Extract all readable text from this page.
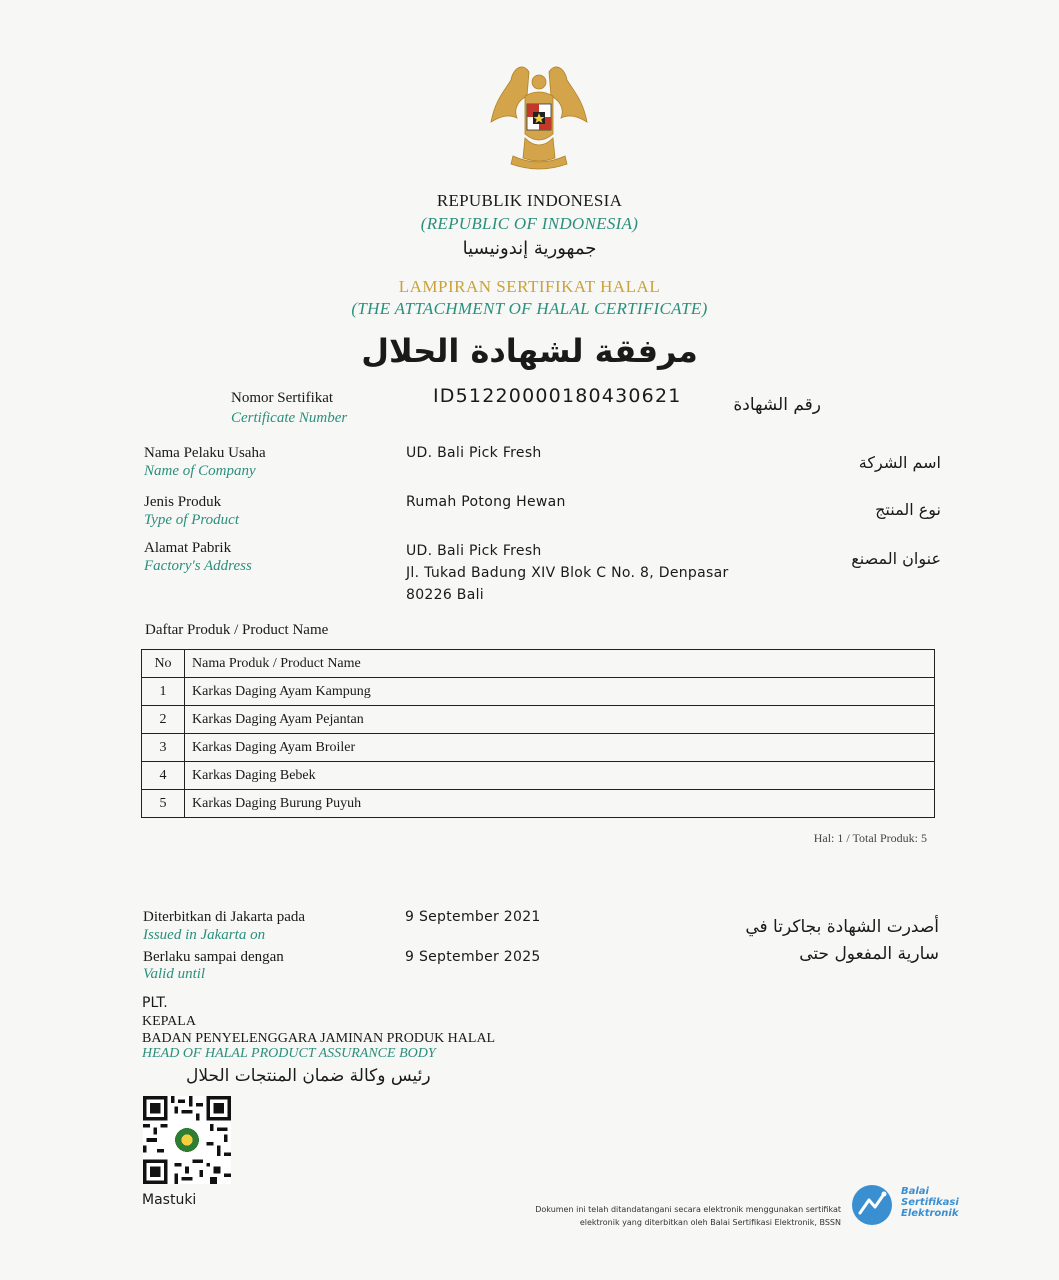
REPUBLIK INDONESIA
(REPUBLIC OF INDONESIA)
جمهورية إندونيسيا
LAMPIRAN SERTIFIKAT HALAL
(THE ATTACHMENT OF HALAL CERTIFICATE)
مرفقة لشهادة الحلال
Nomor Sertifikat
Certificate Number
ID51220000180430621	رقم الشهادة
Nama Pelaku Usaha
Name of Company
UD. Bali Pick Fresh	اسم الشركة
Jenis Produk
Type of Product
Rumah Potong Hewan	نوع المنتج
Alamat Pabrik
Factory's Address
UD. Bali Pick Fresh
Jl. Tukad Badung XIV Blok C No. 8, Denpasar
80226 Bali
عنوان المصنع
Daftar Produk / Product Name
No	Nama Produk / Product Name
1	Karkas Daging Ayam Kampung
2	Karkas Daging Ayam Pejantan
3	Karkas Daging Ayam Broiler
4	Karkas Daging Bebek
5	Karkas Daging Burung Puyuh
Hal: 1 / Total Produk: 5
Diterbitkan di Jakarta pada
Issued in Jakarta on
9 September 2021	أصدرت الشهادة بجاكرتا في
Berlaku sampai dengan
Valid until
9 September 2025	سارية المفعول حتى
PLT.
KEPALA
BADAN PENYELENGGARA JAMINAN PRODUK HALAL
HEAD OF HALAL PRODUCT ASSURANCE BODY
رئيس وكالة ضمان المنتجات الحلال
Mastuki
Dokumen ini telah ditandatangani secara elektronik menggunakan sertifikat
elektronik yang diterbitkan oleh Balai Sertifikasi Elektronik, BSSN
Balai
Sertifikasi
Elektronik
